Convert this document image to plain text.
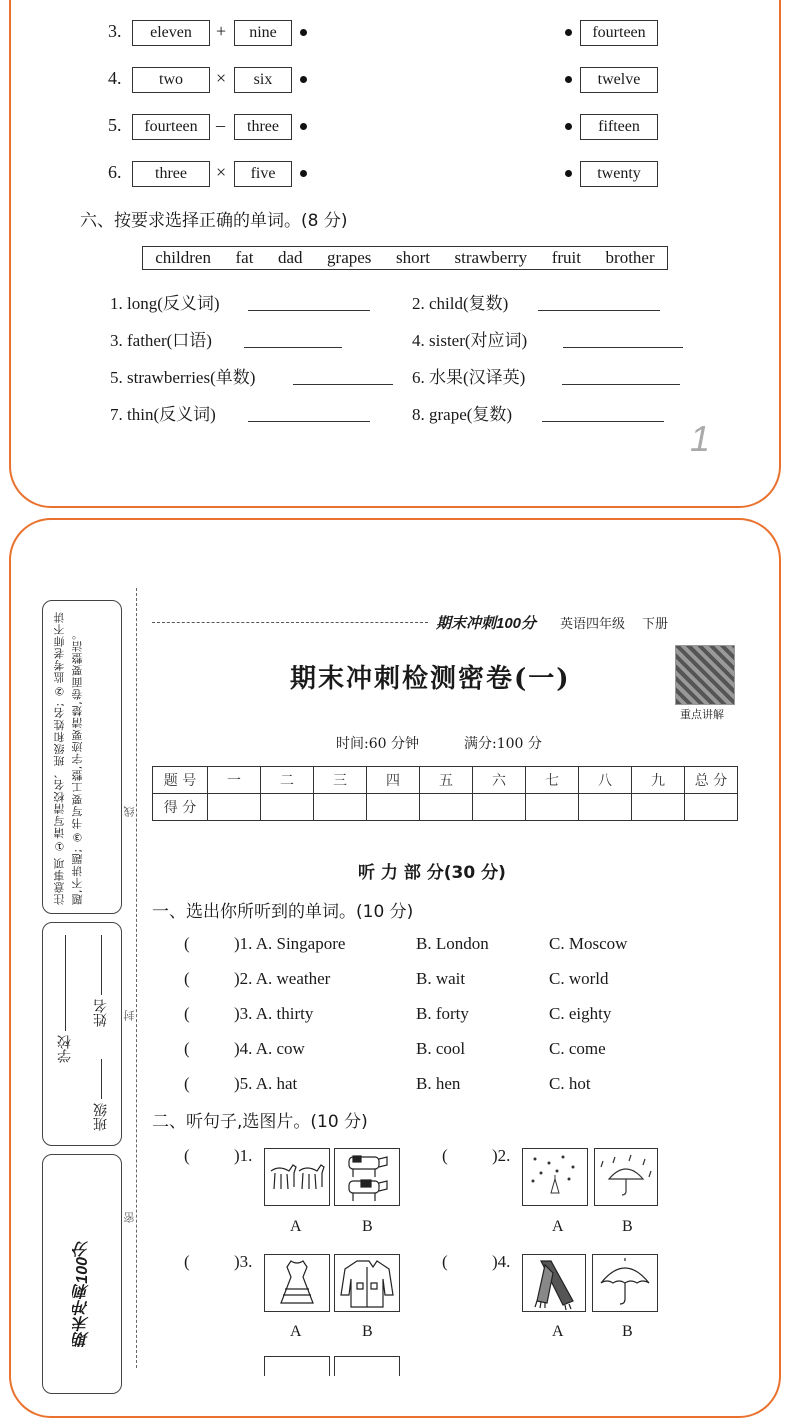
3.	eleven	+	nine	fourteen
4.	two	×	six	twelve
5.	fourteen	–	three	fifteen
6.	three	×	five	twenty
六、按要求选择正确的单词。(8 分)
children fat dad grapes short strawberry fruit brother
1. long(反义词)	2. child(复数)
3. father(口语)	4. sister(对应词)
5. strawberries(单数)	6. 水果(汉译英)
7. thin(反义词)	8. grape(复数)
1
注意事项 ①请写清校名、班级和姓名; ②监考老师不讲题,不讲题; ③书写要工整,字迹要清楚,卷面要整洁。
学校
班级
姓名
期末冲刺100分
线
封
密
期末冲刺100分 英语四年级 下册
期末冲刺检测密卷(一)
重点讲解
时间:60 分钟	满分:100 分
题 号	一	二	三	四	五	六	七	八	九	总 分
得 分										
听 力 部 分(30 分)
一、选出你所听到的单词。(10 分)
(	)1. A. Singapore	B. London	C. Moscow
(	)2. A. weather	B. wait	C. world
(	)3. A. thirty	B. forty	C. eighty
(	)4. A. cow	B. cool	C. come
(	)5. A. hat	B. hen	C. hot
二、听句子,选图片。(10 分)
(	)1.
A	B
(	)2.
A	B
(	)3.
A	B
(	)4.
A	B
